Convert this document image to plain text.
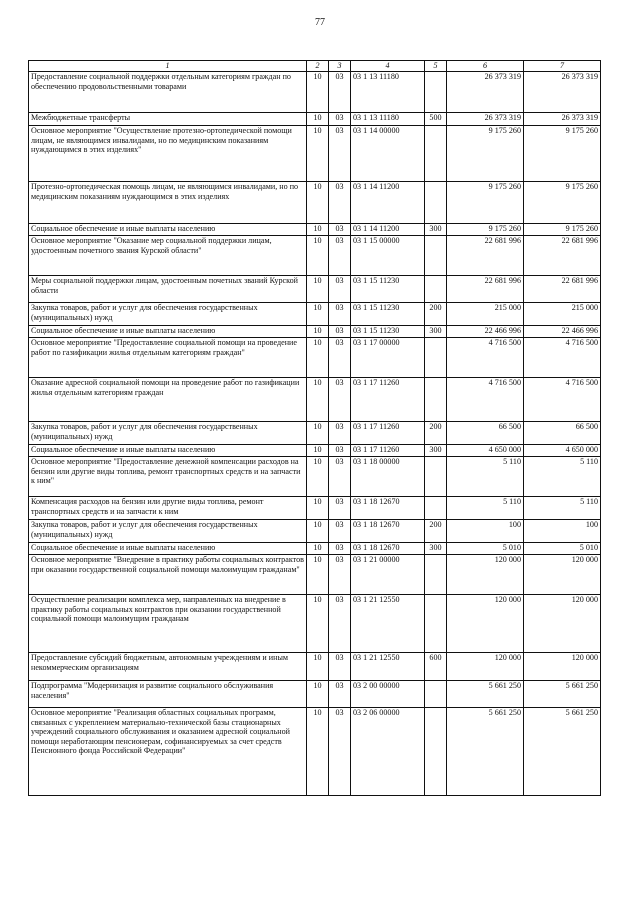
77
1	2	3	4	5	6	7
Предоставление социальной поддержки отдельным категориям граждан по обеспечению продовольственными товарами	10	03	03 1 13 11180		26 373 319	26 373 319
Межбюджетные трансферты	10	03	03 1 13 11180	500	26 373 319	26 373 319
Основное мероприятие "Осуществление протезно-ортопедической помощи лицам, не являющимся инвалидами, но по медицинским показаниям нуждающимся в этих изделиях"	10	03	03 1 14 00000		9 175 260	9 175 260
Протезно-ортопедическая помощь лицам, не являющимся инвалидами, но по медицинским показаниям нуждающимся в этих изделиях	10	03	03 1 14 11200		9 175 260	9 175 260
Социальное обеспечение и иные выплаты населению	10	03	03 1 14 11200	300	9 175 260	9 175 260
Основное мероприятие "Оказание мер социальной поддержки лицам, удостоенным почетного звания Курской области"	10	03	03 1 15 00000		22 681 996	22 681 996
Меры социальной поддержки лицам, удостоенным почетных званий Курской области	10	03	03 1 15 11230		22 681 996	22 681 996
Закупка товаров, работ и услуг для обеспечения государственных (муниципальных) нужд	10	03	03 1 15 11230	200	215 000	215 000
Социальное обеспечение и иные выплаты населению	10	03	03 1 15 11230	300	22 466 996	22 466 996
Основное мероприятие "Предоставление социальной помощи на проведение работ по газификации жилья отдельным категориям граждан"	10	03	03 1 17 00000		4 716 500	4 716 500
Оказание адресной социальной помощи на проведение работ по газификации жилья отдельным категориям граждан	10	03	03 1 17 11260		4 716 500	4 716 500
Закупка товаров, работ и услуг для обеспечения государственных (муниципальных) нужд	10	03	03 1 17 11260	200	66 500	66 500
Социальное обеспечение и иные выплаты населению	10	03	03 1 17 11260	300	4 650 000	4 650 000
Основное мероприятие "Предоставление денежной компенсации расходов на бензин или другие виды топлива, ремонт транспортных средств и на запчасти к ним"	10	03	03 1 18 00000		5 110	5 110
Компенсация расходов на бензин или другие виды топлива, ремонт транспортных средств и на запчасти к ним	10	03	03 1 18 12670		5 110	5 110
Закупка товаров, работ и услуг для обеспечения государственных (муниципальных) нужд	10	03	03 1 18 12670	200	100	100
Социальное обеспечение и иные выплаты населению	10	03	03 1 18 12670	300	5 010	5 010
Основное мероприятие "Внедрение в практику работы социальных контрактов при оказании государственной социальной помощи малоимущим гражданам"	10	03	03 1 21 00000		120 000	120 000
Осуществление реализации комплекса мер, направленных на внедрение в практику работы социальных контрактов при оказании государственной социальной помощи малоимущим гражданам	10	03	03 1 21 12550		120 000	120 000
Предоставление субсидий бюджетным, автономным учреждениям и иным некоммерческим организациям	10	03	03 1 21 12550	600	120 000	120 000
Подпрограмма "Модернизация и развитие социального обслуживания населения"	10	03	03 2 00 00000		5 661 250	5 661 250
Основное мероприятие "Реализация областных социальных программ, связанных с укреплением материально-технической базы стационарных учреждений социального обслуживания и оказанием адресной социальной помощи неработающим пенсионерам, софинансируемых за счет средств Пенсионного фонда Российской Федерации"	10	03	03 2 06 00000		5 661 250	5 661 250
